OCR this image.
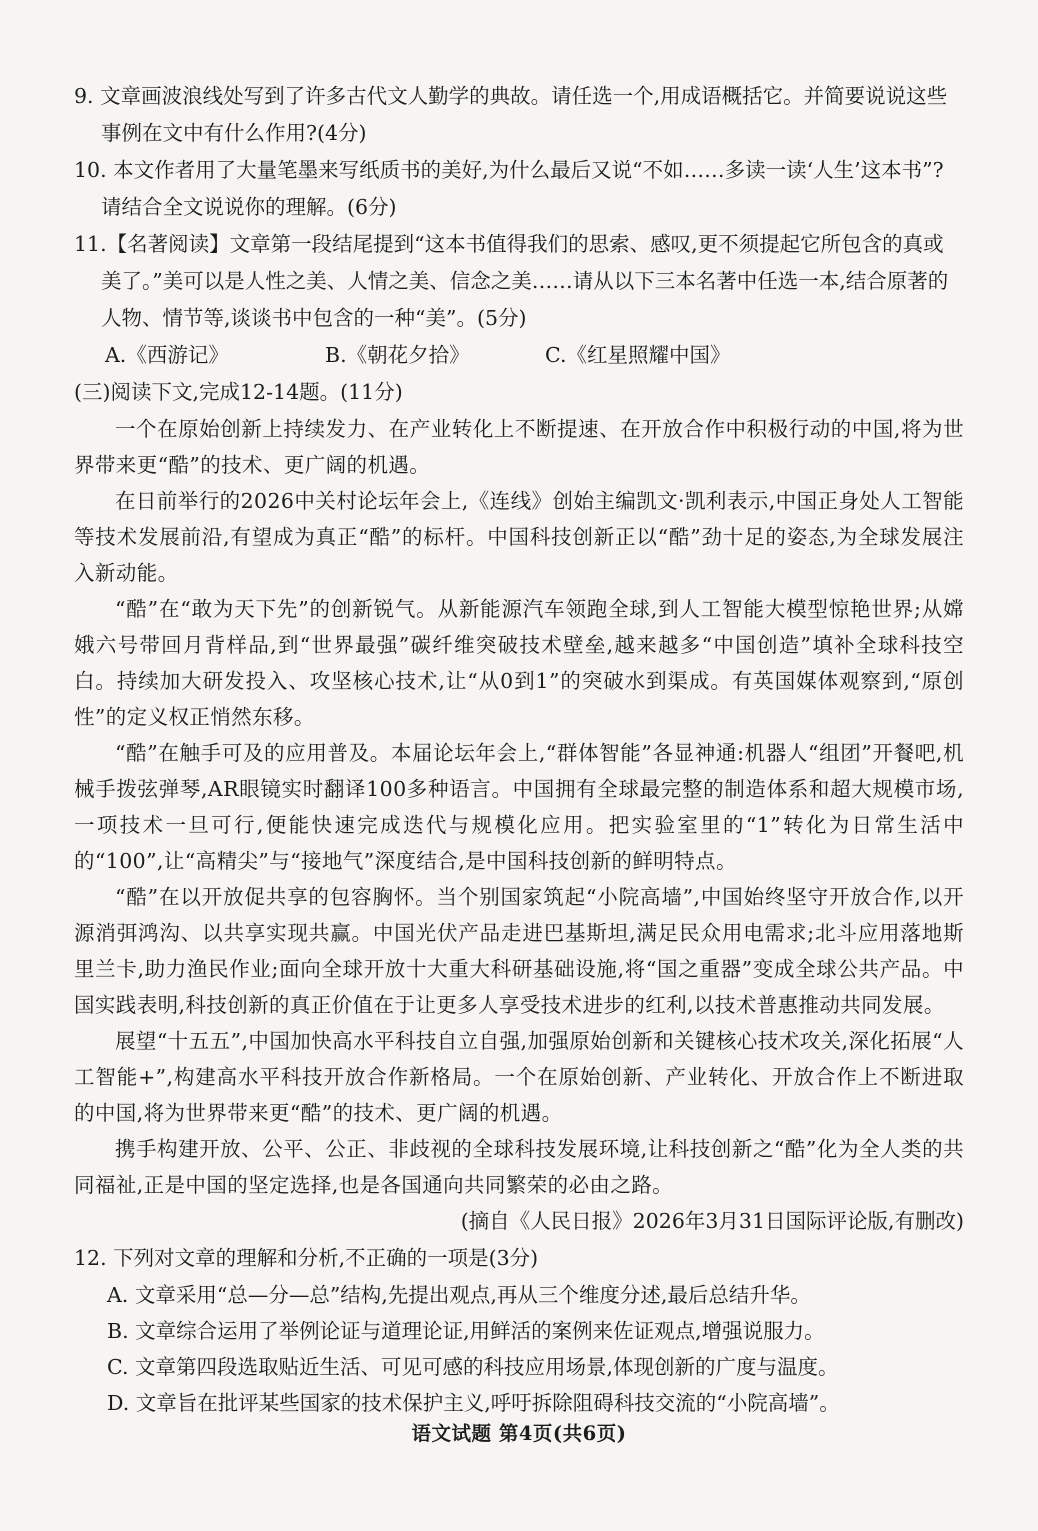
9. 文章画波浪线处写到了许多古代文人勤学的典故。请任选一个,用成语概括它。并简要说说这些事例在文中有什么作用?(4分)

10. 本文作者用了大量笔墨来写纸质书的美好,为什么最后又说“不如……多读一读‘人生’这本书”?请结合全文说说你的理解。(6分)

11.【名著阅读】文章第一段结尾提到“这本书值得我们的思索、感叹,更不须提起它所包含的真或美了。”美可以是人性之美、人情之美、信念之美……请从以下三本名著中任选一本,结合原著的人物、情节等,谈谈书中包含的一种“美”。(5分)

A.《西游记》	B.《朝花夕拾》	C.《红星照耀中国》

(三)阅读下文,完成12-14题。(11分)

一个在原始创新上持续发力、在产业转化上不断提速、在开放合作中积极行动的中国,将为世界带来更“酷”的技术、更广阔的机遇。

在日前举行的2026中关村论坛年会上,《连线》创始主编凯文·凯利表示,中国正身处人工智能等技术发展前沿,有望成为真正“酷”的标杆。中国科技创新正以“酷”劲十足的姿态,为全球发展注入新动能。

“酷”在“敢为天下先”的创新锐气。从新能源汽车领跑全球,到人工智能大模型惊艳世界;从嫦娥六号带回月背样品,到“世界最强”碳纤维突破技术壁垒,越来越多“中国创造”填补全球科技空白。持续加大研发投入、攻坚核心技术,让“从0到1”的突破水到渠成。有英国媒体观察到,“原创性”的定义权正悄然东移。

“酷”在触手可及的应用普及。本届论坛年会上,“群体智能”各显神通:机器人“组团”开餐吧,机械手拨弦弹琴,AR眼镜实时翻译100多种语言。中国拥有全球最完整的制造体系和超大规模市场,一项技术一旦可行,便能快速完成迭代与规模化应用。把实验室里的“1”转化为日常生活中的“100”,让“高精尖”与“接地气”深度结合,是中国科技创新的鲜明特点。

“酷”在以开放促共享的包容胸怀。当个别国家筑起“小院高墙”,中国始终坚守开放合作,以开源消弭鸿沟、以共享实现共赢。中国光伏产品走进巴基斯坦,满足民众用电需求;北斗应用落地斯里兰卡,助力渔民作业;面向全球开放十大重大科研基础设施,将“国之重器”变成全球公共产品。中国实践表明,科技创新的真正价值在于让更多人享受技术进步的红利,以技术普惠推动共同发展。

展望“十五五”,中国加快高水平科技自立自强,加强原始创新和关键核心技术攻关,深化拓展“人工智能+”,构建高水平科技开放合作新格局。一个在原始创新、产业转化、开放合作上不断进取的中国,将为世界带来更“酷”的技术、更广阔的机遇。

携手构建开放、公平、公正、非歧视的全球科技发展环境,让科技创新之“酷”化为全人类的共同福祉,正是中国的坚定选择,也是各国通向共同繁荣的必由之路。

(摘自《人民日报》2026年3月31日国际评论版,有删改)

12. 下列对文章的理解和分析,不正确的一项是(3分)

A. 文章采用“总—分—总”结构,先提出观点,再从三个维度分述,最后总结升华。

B. 文章综合运用了举例论证与道理论证,用鲜活的案例来佐证观点,增强说服力。

C. 文章第四段选取贴近生活、可见可感的科技应用场景,体现创新的广度与温度。

D. 文章旨在批评某些国家的技术保护主义,呼吁拆除阻碍科技交流的“小院高墙”。

语文试题 第4页(共6页)
